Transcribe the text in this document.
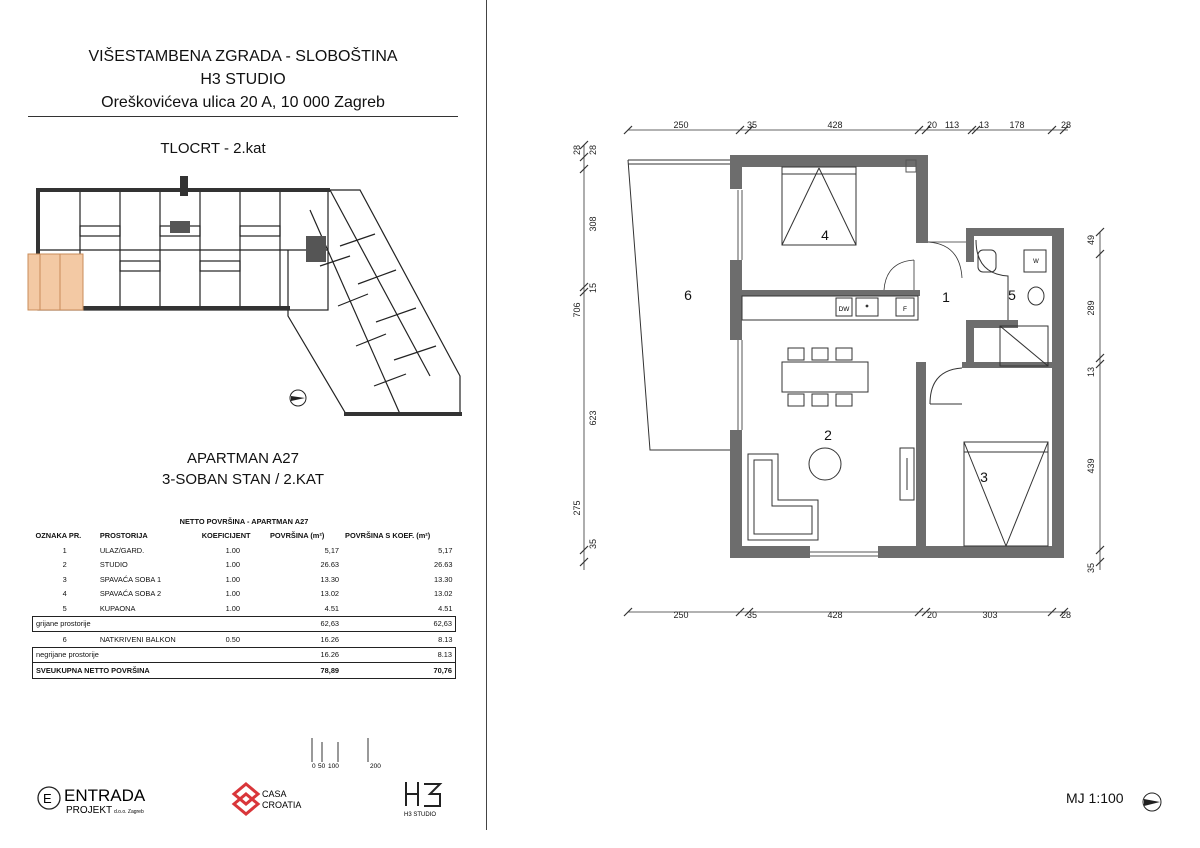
VIŠESTAMBENA ZGRADA - SLOBOŠTINA
H3 STUDIO
Oreškovićeva ulica 20 A, 10 000 Zagreb
TLOCRT - 2.kat
APARTMAN A27
3-SOBAN STAN / 2.KAT
NETTO POVRŠINA - APARTMAN A27				
OZNAKA PR.	PROSTORIJA	KOEFICIJENT	POVRŠINA (m²)	POVRŠINA S KOEF. (m²)
1	ULAZ/GARD.	1.00	5,17	5,17
2	STUDIO	1.00	26.63	26.63
3	SPAVAĆA SOBA 1	1.00	13.30	13.30
4	SPAVAĆA SOBA 2	1.00	13.02	13.02
5	KUPAONA	1.00	4.51	4.51
grijane prostorije			62,63	62,63
6	NATKRIVENI BALKON	0.50	16.26	8.13
negrijane prostorije			16.26	8.13
SVEUKUPNA NETTO POVRŠINA			78,89	70,76
0 50 100	200
E ENTRADA
PROJEKT d.o.o. Zagreb
CASA
CROATIA
H3 STUDIO
250	35	428	20 113 13 178	28
250	35	428	20	303	28
28 28
308
15
706
623
275
35
49
289
13
439
35
DW	F
W
1
2
3
4
5
6
MJ 1:100
